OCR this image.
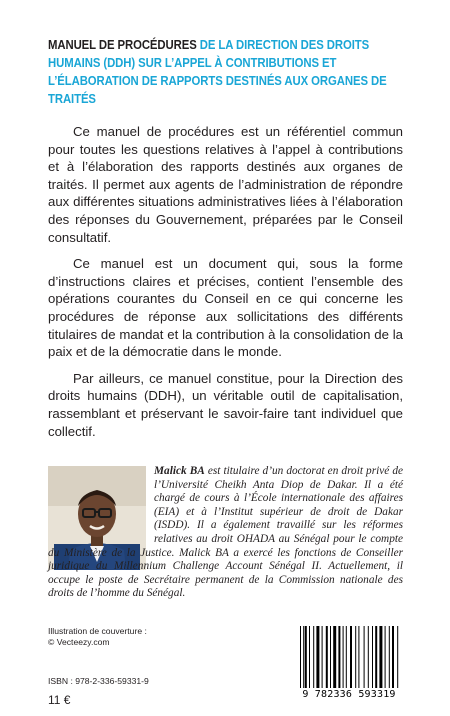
MANUEL DE PROCÉDURES DE LA DIRECTION DES DROITS HUMAINS (DDH) SUR L’APPEL À CONTRIBUTIONS ET L’ÉLABORATION DE RAPPORTS DESTINÉS AUX ORGANES DE TRAITÉS

Ce manuel de procédures est un référentiel commun pour toutes les questions relatives à l’appel à contributions et à l’élaboration des rapports destinés aux organes de traités. Il permet aux agents de l’administration de répondre aux différentes situations administratives liées à l’élaboration des réponses du Gouvernement, préparées par le Conseil consultatif.

Ce manuel est un document qui, sous la forme d’instructions claires et précises, contient l’ensemble des opérations courantes du Conseil en ce qui concerne les procédures de réponse aux sollicitations des différents titulaires de mandat et la contribution à la consolidation de la paix et de la démocratie dans le monde.

Par ailleurs, ce manuel constitue, pour la Direction des droits humains (DDH), un véritable outil de capitalisation, rassemblant et préservant le savoir-faire tant individuel que collectif.

Malick BA est titulaire d’un doctorat en droit privé de l’Université Cheikh Anta Diop de Dakar. Il a été chargé de cours à l’École internationale des affaires (EIA) et à l’Institut supérieur de droit de Dakar (ISDD). Il a également travaillé sur les réformes relatives au droit OHADA au Sénégal pour le compte du Ministère de la Justice. Malick BA a exercé les fonctions de Conseiller juridique du Millennium Challenge Account Sénégal II. Actuellement, il occupe le poste de Secrétaire permanent de la Commission nationale des droits de l’homme du Sénégal.
Illustration de couverture :
© Vecteezy.com
ISBN : 978-2-336-59331-9
11 €	9 782336 593319
